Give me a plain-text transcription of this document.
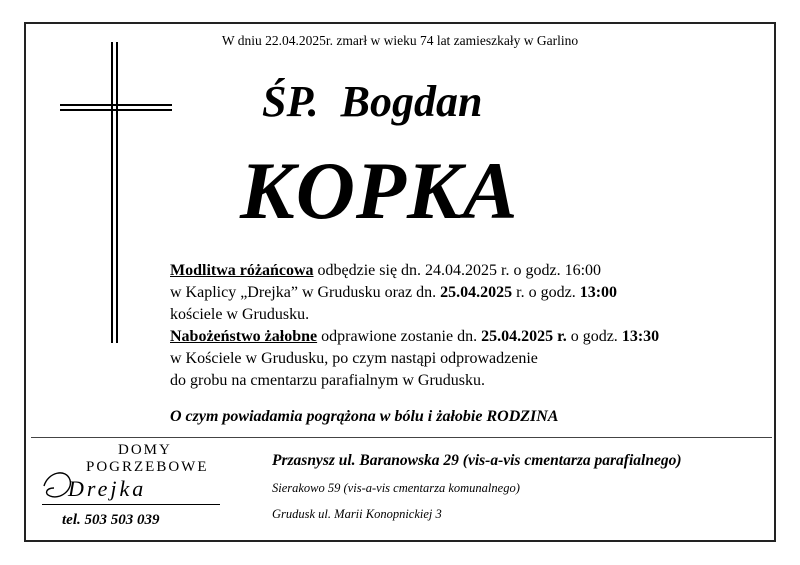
W dniu 22.04.2025r. zmarł w wieku 74 lat zamieszkały w Garlino
ŚP.  Bogdan
KOPKA
Modlitwa różańcowa odbędzie się dn. 24.04.2025 r. o godz. 16:00
w Kaplicy „Drejka” w Grudusku oraz dn. 25.04.2025 r. o godz. 13:00
kościele w Grudusku.
Nabożeństwo żałobne odprawione zostanie dn. 25.04.2025 r. o godz. 13:30
w Kościele w Grudusku, po czym nastąpi odprowadzenie
do grobu na cmentarzu parafialnym w Grudusku.
O czym powiadamia pogrążona w bólu i żałobie RODZINA
DOMY
POGRZEBOWE
Drejka
tel. 503 503 039
Przasnysz ul. Baranowska 29 (vis-a-vis cmentarza parafialnego)
Sierakowo 59 (vis-a-vis cmentarza komunalnego)
Grudusk ul. Marii Konopnickiej 3
